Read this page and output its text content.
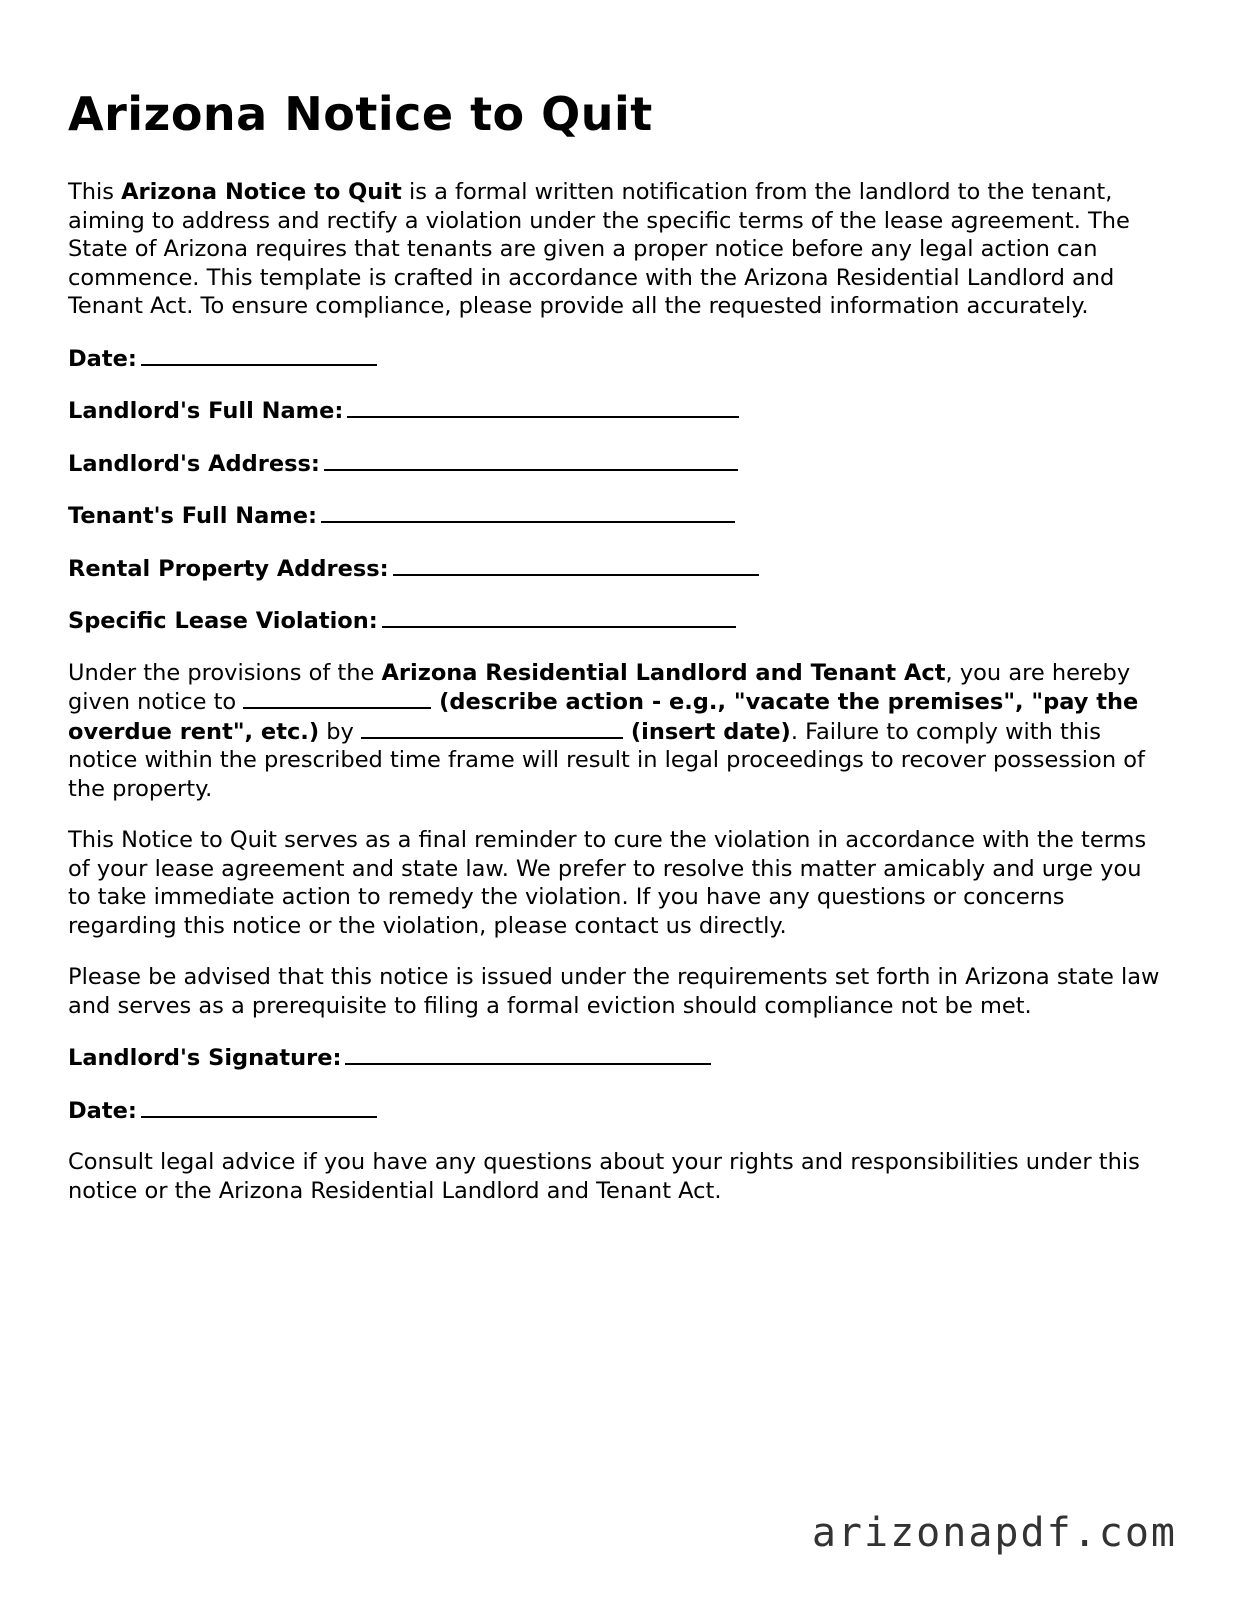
Arizona Notice to Quit

This Arizona Notice to Quit is a formal written notification from the landlord to the tenant, aiming to address and rectify a violation under the specific terms of the lease agreement. The State of Arizona requires that tenants are given a proper notice before any legal action can commence. This template is crafted in accordance with the Arizona Residential Landlord and Tenant Act. To ensure compliance, please provide all the requested information accurately.

Date:

Landlord's Full Name:

Landlord's Address:

Tenant's Full Name:

Rental Property Address:

Specific Lease Violation:

Under the provisions of the Arizona Residential Landlord and Tenant Act, you are hereby given notice to	(describe action - e.g., "vacate the premises", "pay the overdue rent", etc.) by	(insert date). Failure to comply with this notice within the prescribed time frame will result in legal proceedings to recover possession of the property.

This Notice to Quit serves as a final reminder to cure the violation in accordance with the terms of your lease agreement and state law. We prefer to resolve this matter amicably and urge you to take immediate action to remedy the violation. If you have any questions or concerns regarding this notice or the violation, please contact us directly.

Please be advised that this notice is issued under the requirements set forth in Arizona state law and serves as a prerequisite to filing a formal eviction should compliance not be met.

Landlord's Signature:

Date:

Consult legal advice if you have any questions about your rights and responsibilities under this notice or the Arizona Residential Landlord and Tenant Act.

arizonapdf.com
